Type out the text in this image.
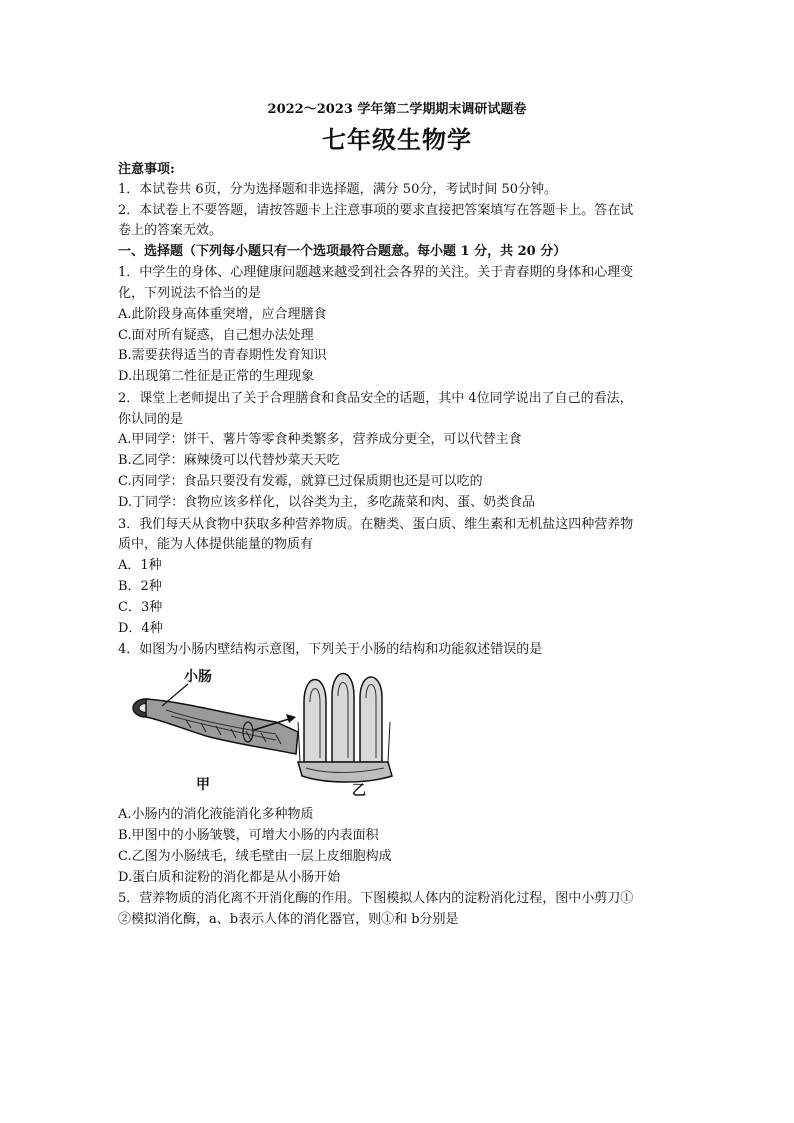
2022～2023 学年第二学期期末调研试题卷
七年级生物学
注意事项:
1．本试卷共 6页，分为选择题和非选择题，满分 50分，考试时间 50分钟。
2．本试卷上不要答题，请按答题卡上注意事项的要求直接把答案填写在答题卡上。答在试
卷上的答案无效。
一、选择题（下列每小题只有一个选项最符合题意。每小题 1 分，共 20 分）
1．中学生的身体、心理健康问题越来越受到社会各界的关注。关于青春期的身体和心理变
化，下列说法不恰当的是
A.此阶段身高体重突增，应合理膳食
C.面对所有疑惑，自己想办法处理
B.需要获得适当的青春期性发育知识
D.出现第二性征是正常的生理现象
2．课堂上老师提出了关于合理膳食和食品安全的话题，其中 4位同学说出了自己的看法，
你认同的是
A.甲同学：饼干、薯片等零食种类繁多，营养成分更全，可以代替主食
B.乙同学：麻辣烫可以代替炒菜天天吃
C.丙同学：食品只要没有发霉，就算已过保质期也还是可以吃的
D.丁同学：食物应该多样化，以谷类为主，多吃蔬菜和肉、蛋、奶类食品
3．我们每天从食物中获取多种营养物质。在糖类、蛋白质、维生素和无机盐这四种营养物
质中，能为人体提供能量的物质有
A．1种
B．2种
C．3种
D．4种
4．如图为小肠内壁结构示意图，下列关于小肠的结构和功能叙述错误的是
小肠
甲	乙
A.小肠内的消化液能消化多种物质
B.甲图中的小肠皱襞，可增大小肠的内表面积
C.乙图为小肠绒毛，绒毛壁由一层上皮细胞构成
D.蛋白质和淀粉的消化都是从小肠开始
5．营养物质的消化离不开消化酶的作用。下图模拟人体内的淀粉消化过程，图中小剪刀①
②模拟消化酶，a、b表示人体的消化器官，则①和 b分别是
